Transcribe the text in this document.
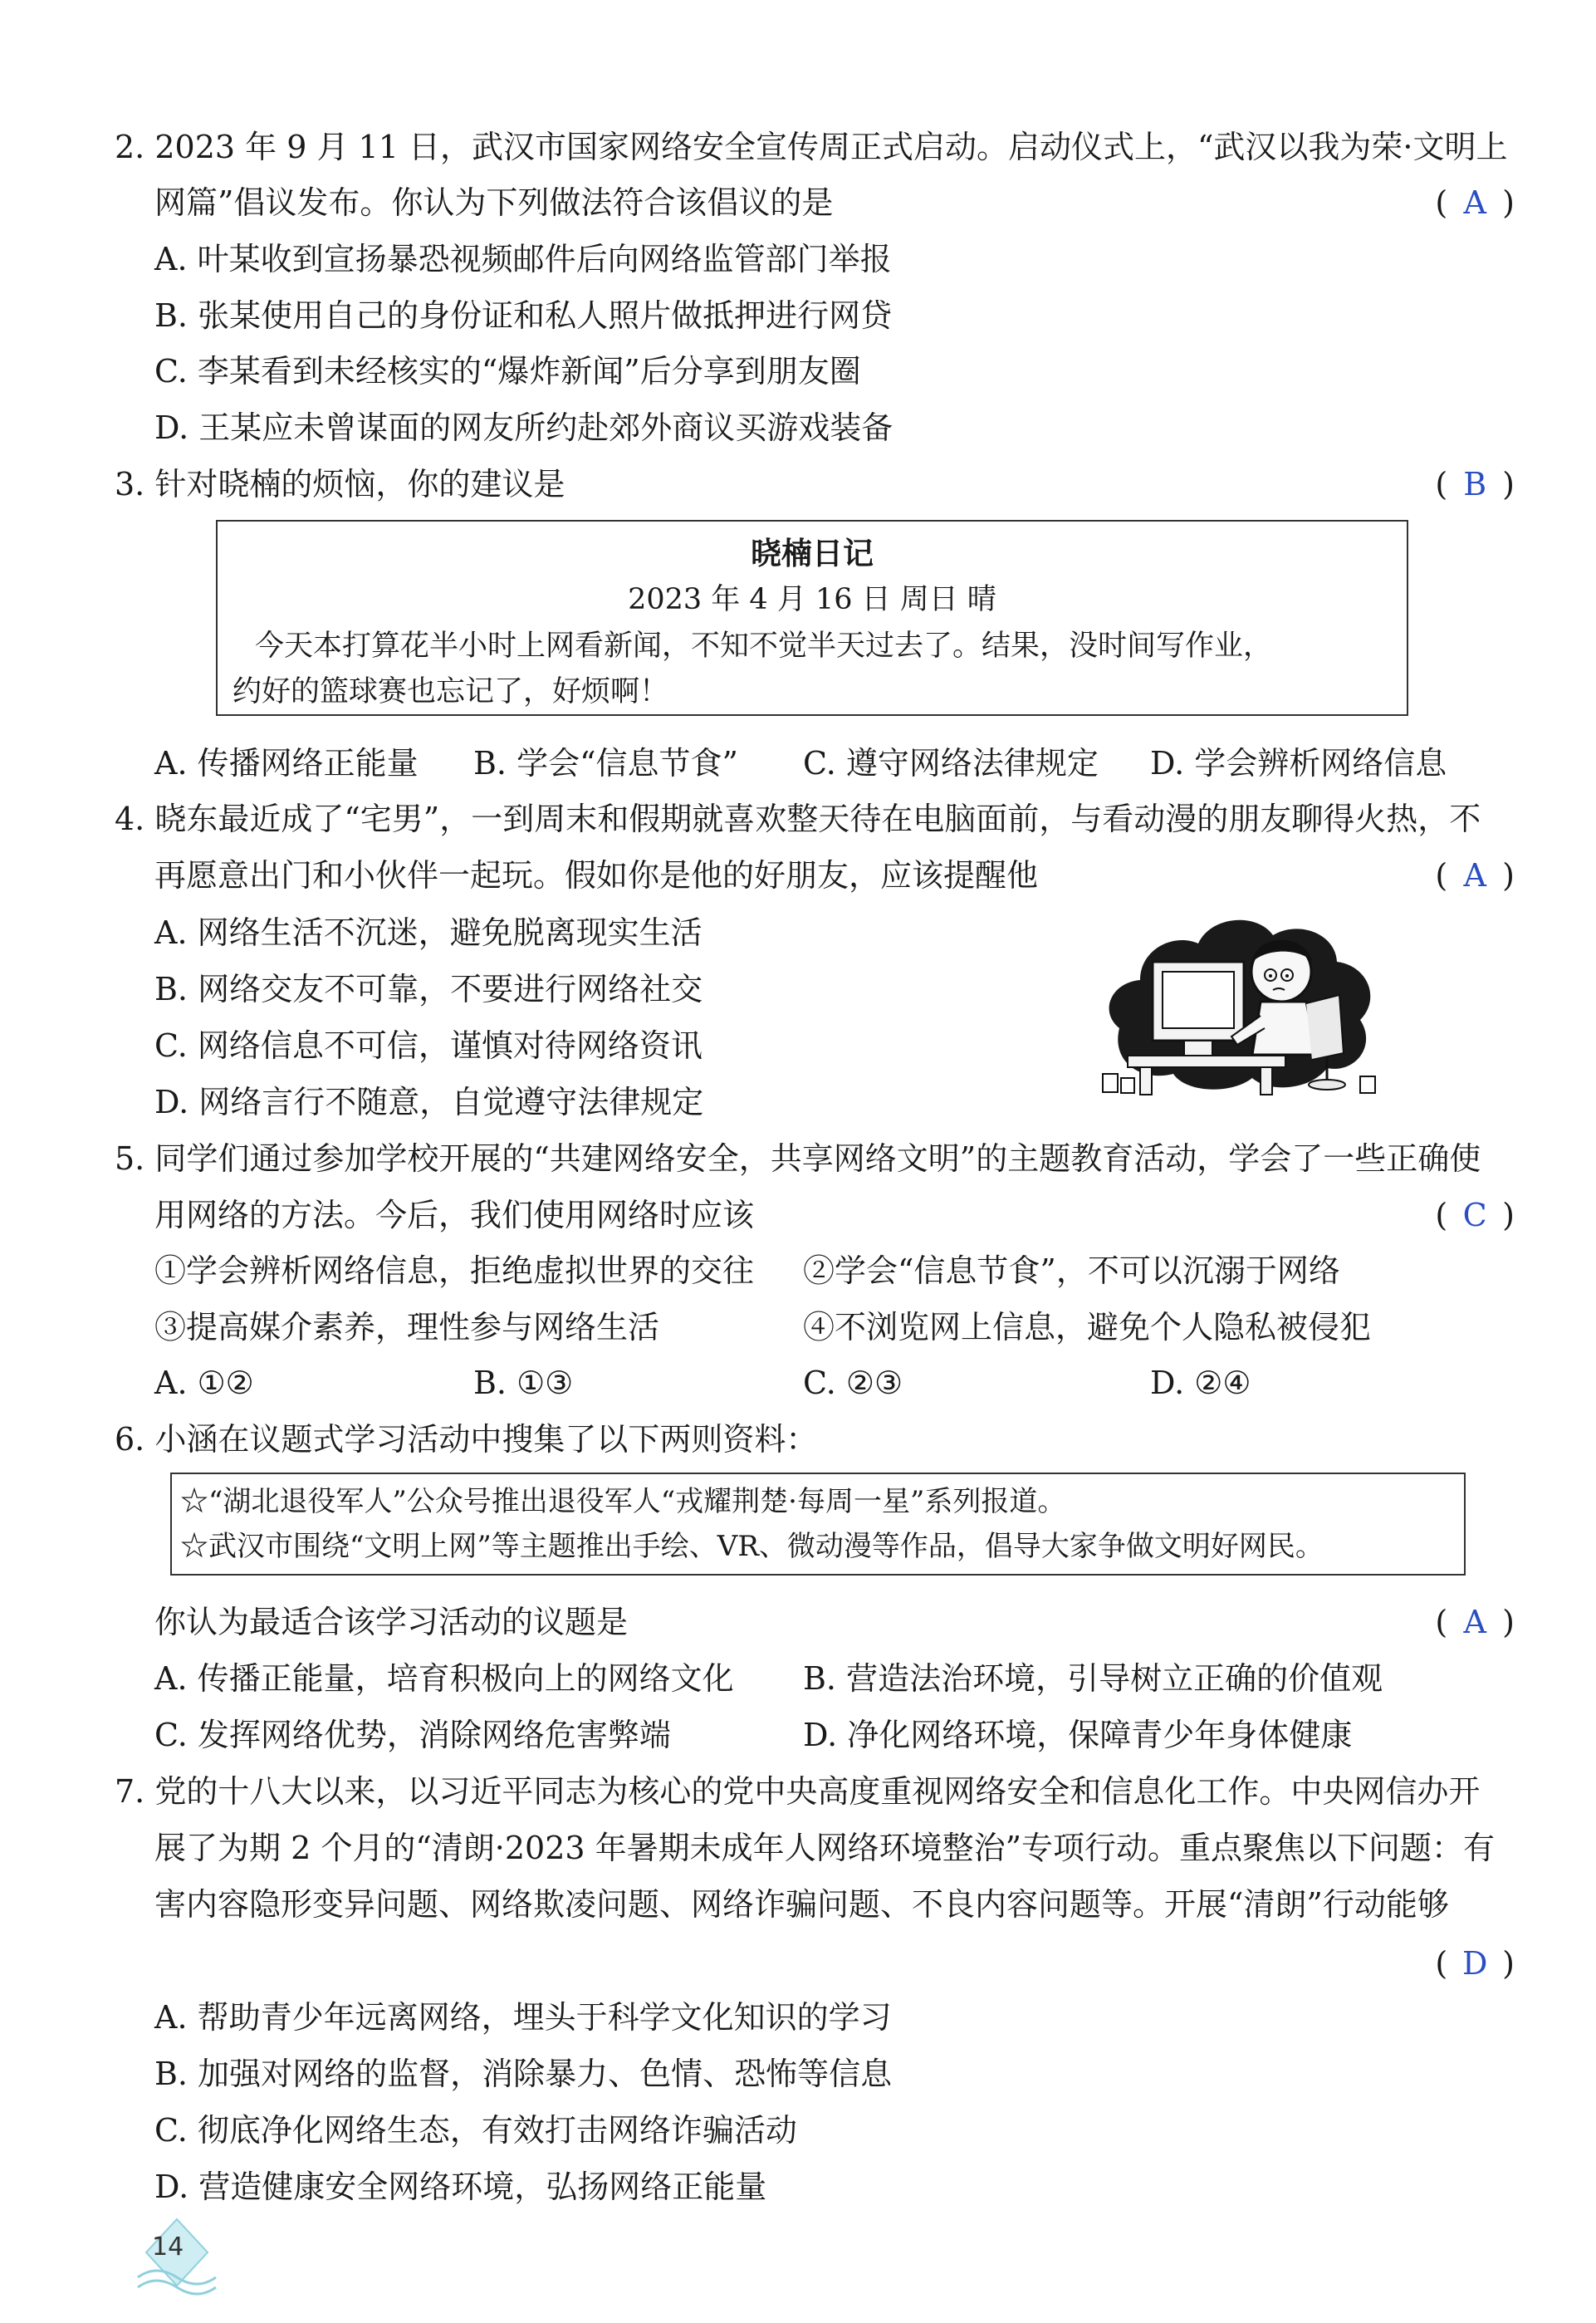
2. 2023 年 9 月 11 日，武汉市国家网络安全宣传周正式启动。启动仪式上，“武汉以我为荣·文明上
网篇”倡议发布。你认为下列做法符合该倡议的是	( A )
A. 叶某收到宣扬暴恐视频邮件后向网络监管部门举报
B. 张某使用自己的身份证和私人照片做抵押进行网贷
C. 李某看到未经核实的“爆炸新闻”后分享到朋友圈
D. 王某应未曾谋面的网友所约赴郊外商议买游戏装备
3. 针对晓楠的烦恼，你的建议是	( B )
晓楠日记
2023 年 4 月 16 日 周日 晴
今天本打算花半小时上网看新闻，不知不觉半天过去了。结果，没时间写作业，
约好的篮球赛也忘记了，好烦啊！
A. 传播网络正能量 B. 学会“信息节食” C. 遵守网络法律规定 D. 学会辨析网络信息
4. 晓东最近成了“宅男”，一到周末和假期就喜欢整天待在电脑面前，与看动漫的朋友聊得火热，不
再愿意出门和小伙伴一起玩。假如你是他的好朋友，应该提醒他	( A )
A. 网络生活不沉迷，避免脱离现实生活
B. 网络交友不可靠，不要进行网络社交
C. 网络信息不可信，谨慎对待网络资讯
D. 网络言行不随意，自觉遵守法律规定
5. 同学们通过参加学校开展的“共建网络安全，共享网络文明”的主题教育活动，学会了一些正确使
用网络的方法。今后，我们使用网络时应该	( C )
①学会辨析网络信息，拒绝虚拟世界的交往 ②学会“信息节食”，不可以沉溺于网络
③提高媒介素养，理性参与网络生活	④不浏览网上信息，避免个人隐私被侵犯
A. ①②	B. ①③	C. ②③	D. ②④
6. 小涵在议题式学习活动中搜集了以下两则资料：
☆“湖北退役军人”公众号推出退役军人“戎耀荆楚·每周一星”系列报道。
☆武汉市围绕“文明上网”等主题推出手绘、VR、微动漫等作品，倡导大家争做文明好网民。
你认为最适合该学习活动的议题是	( A )
A. 传播正能量，培育积极向上的网络文化 B. 营造法治环境，引导树立正确的价值观
C. 发挥网络优势，消除网络危害弊端	D. 净化网络环境，保障青少年身体健康
7. 党的十八大以来，以习近平同志为核心的党中央高度重视网络安全和信息化工作。中央网信办开
展了为期 2 个月的“清朗·2023 年暑期未成年人网络环境整治”专项行动。重点聚焦以下问题：有
害内容隐形变异问题、网络欺凌问题、网络诈骗问题、不良内容问题等。开展“清朗”行动能够
( D )
A. 帮助青少年远离网络，埋头于科学文化知识的学习
B. 加强对网络的监督，消除暴力、色情、恐怖等信息
C. 彻底净化网络生态，有效打击网络诈骗活动
D. 营造健康安全网络环境，弘扬网络正能量
14
